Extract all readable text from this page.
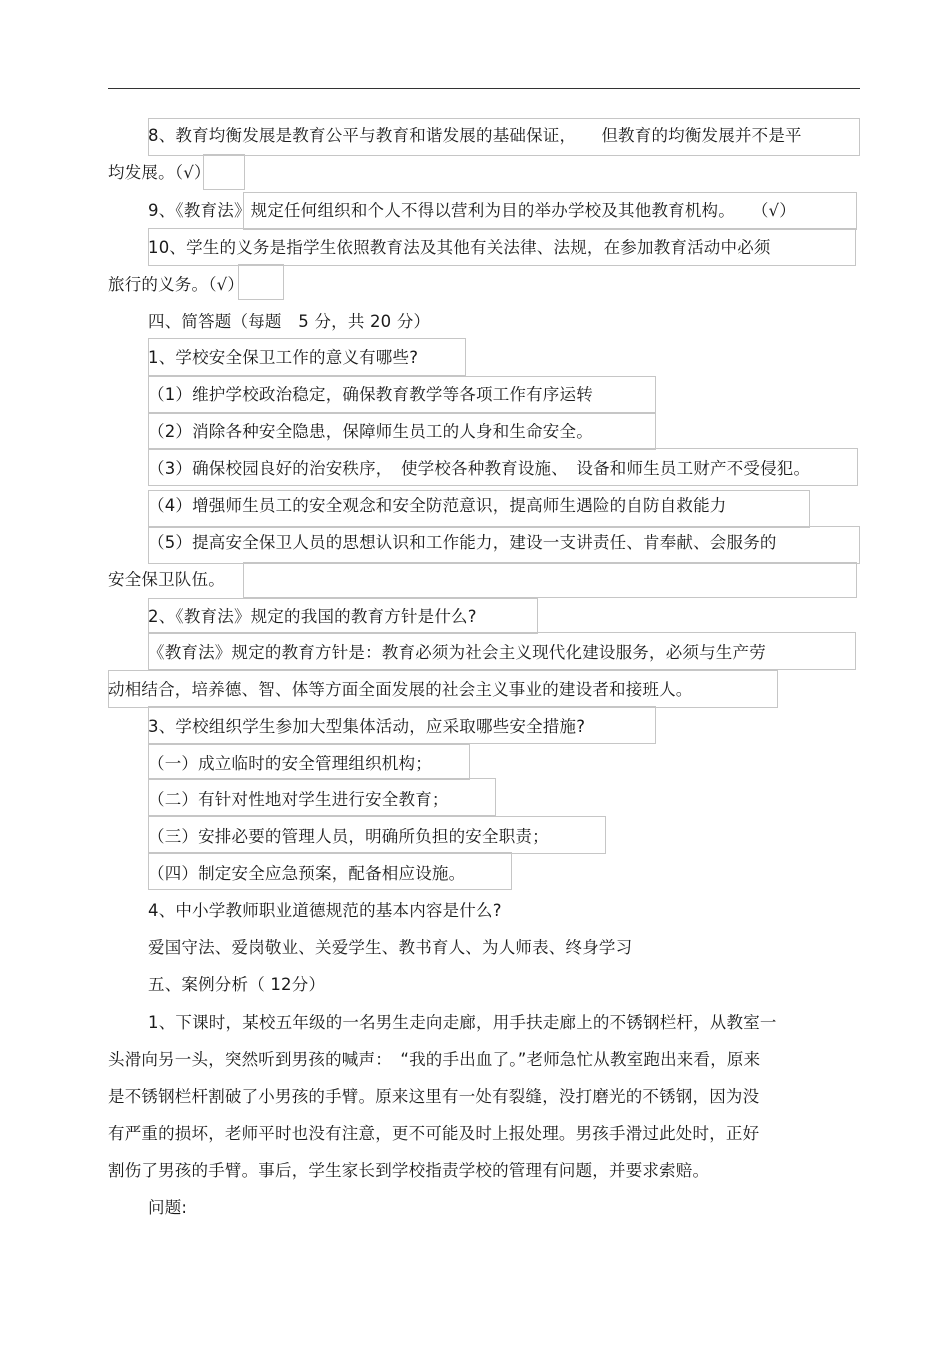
8、教育均衡发展是教育公平与教育和谐发展的基础保证，　　但教育的均衡发展并不是平
均发展。（√）
9、《教育法》规定任何组织和个人不得以营利为目的举办学校及其他教育机构。　　（√）
10、学生的义务是指学生依照教育法及其他有关法律、法规，在参加教育活动中必须
旅行的义务。（√）
四、简答题（每题　5 分，共 20 分）
1、学校安全保卫工作的意义有哪些?
（1）维护学校政治稳定，确保教育教学等各项工作有序运转
（2）消除各种安全隐患，保障师生员工的人身和生命安全。
（3）确保校园良好的治安秩序，　使学校各种教育设施、　设备和师生员工财产不受侵犯。
（4）增强师生员工的安全观念和安全防范意识，提高师生遇险的自防自救能力
（5）提高安全保卫人员的思想认识和工作能力，建设一支讲责任、肯奉献、会服务的
安全保卫队伍。
2、《教育法》规定的我国的教育方针是什么?
《教育法》规定的教育方针是：教育必须为社会主义现代化建设服务，必须与生产劳
动相结合，培养德、智、体等方面全面发展的社会主义事业的建设者和接班人。
3、学校组织学生参加大型集体活动，应采取哪些安全措施?
（一）成立临时的安全管理组织机构；
（二）有针对性地对学生进行安全教育；
（三）安排必要的管理人员，明确所负担的安全职责；
（四）制定安全应急预案，配备相应设施。
4、中小学教师职业道德规范的基本内容是什么?
爱国守法、爱岗敬业、关爱学生、教书育人、为人师表、终身学习
五、案例分析（ 12分）
1、下课时，某校五年级的一名男生走向走廊，用手扶走廊上的不锈钢栏杆，从教室一
头滑向另一头，突然听到男孩的喊声：　“我的手出血了。”老师急忙从教室跑出来看，原来
是不锈钢栏杆割破了小男孩的手臂。原来这里有一处有裂缝，没打磨光的不锈钢，因为没
有严重的损坏，老师平时也没有注意，更不可能及时上报处理。男孩手滑过此处时，正好
割伤了男孩的手臂。事后，学生家长到学校指责学校的管理有问题，并要求索赔。
问题:
